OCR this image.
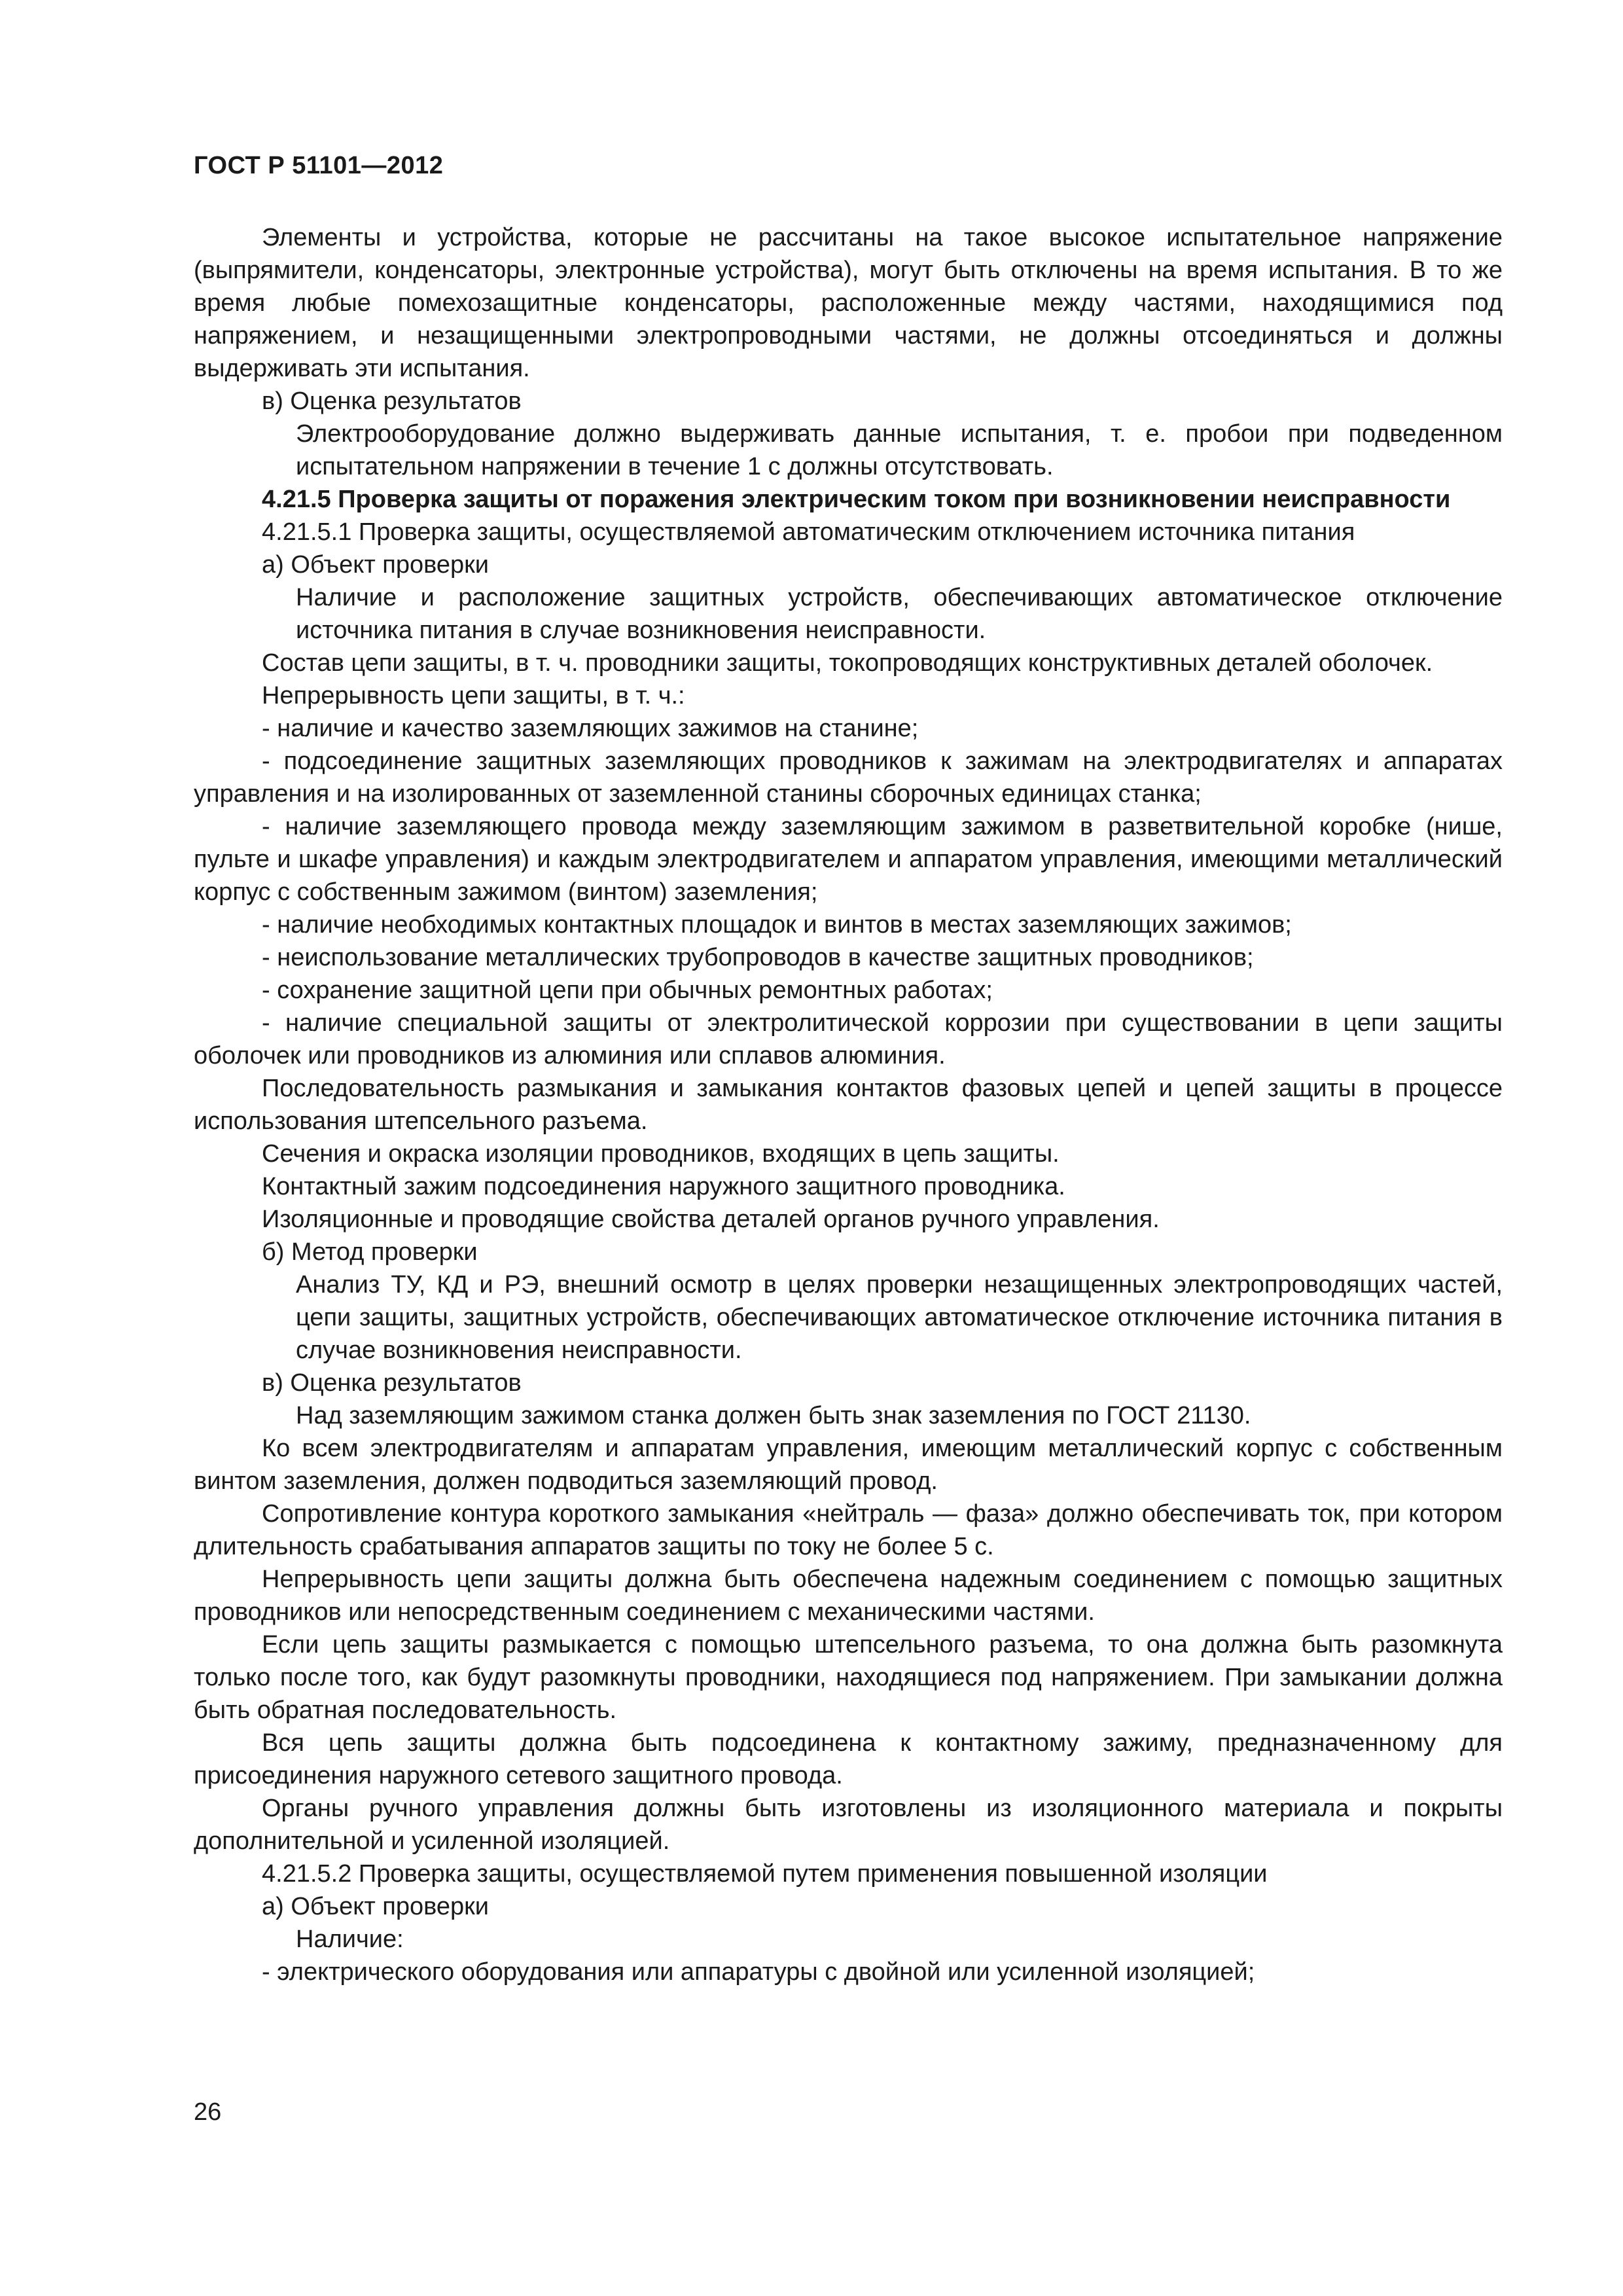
ГОСТ Р 51101—2012

Элементы и устройства, которые не рассчитаны на такое высокое испытательное напряжение (выпрямители, конденсаторы, электронные устройства), могут быть отключены на время испытания. В то же время любые помехозащитные конденсаторы, расположенные между частями, находящимися под напряжением, и незащищенными электропроводными частями, не должны отсоединяться и должны выдерживать эти испытания.

в) Оценка результатов

Электрооборудование должно выдерживать данные испытания, т. е. пробои при подведенном испытательном напряжении в течение 1 с должны отсутствовать.

4.21.5 Проверка защиты от поражения электрическим током при возникновении неисправности

4.21.5.1 Проверка защиты, осуществляемой автоматическим отключением источника питания

а) Объект проверки

Наличие и расположение защитных устройств, обеспечивающих автоматическое отключение источника питания в случае возникновения неисправности.

Состав цепи защиты, в т. ч. проводники защиты, токопроводящих конструктивных деталей оболочек.

Непрерывность цепи защиты, в т. ч.:

- наличие и качество заземляющих зажимов на станине;

- подсоединение защитных заземляющих проводников к зажимам на электродвигателях и аппаратах управления и на изолированных от заземленной станины сборочных единицах станка;

- наличие заземляющего провода между заземляющим зажимом в разветвительной коробке (нише, пульте и шкафе управления) и каждым электродвигателем и аппаратом управления, имеющими металлический корпус с собственным зажимом (винтом) заземления;

- наличие необходимых контактных площадок и винтов в местах заземляющих зажимов;

- неиспользование металлических трубопроводов в качестве защитных проводников;

- сохранение защитной цепи при обычных ремонтных работах;

- наличие специальной защиты от электролитической коррозии при существовании в цепи защиты оболочек или проводников из алюминия или сплавов алюминия.

Последовательность размыкания и замыкания контактов фазовых цепей и цепей защиты в процессе использования штепсельного разъема.

Сечения и окраска изоляции проводников, входящих в цепь защиты.

Контактный зажим подсоединения наружного защитного проводника.

Изоляционные и проводящие свойства деталей органов ручного управления.

б) Метод проверки

Анализ ТУ, КД и РЭ, внешний осмотр в целях проверки незащищенных электропроводящих частей, цепи защиты, защитных устройств, обеспечивающих автоматическое отключение источника питания в случае возникновения неисправности.

в) Оценка результатов

Над заземляющим зажимом станка должен быть знак заземления по ГОСТ 21130.

Ко всем электродвигателям и аппаратам управления, имеющим металлический корпус с собственным винтом заземления, должен подводиться заземляющий провод.

Сопротивление контура короткого замыкания «нейтраль — фаза» должно обеспечивать ток, при котором длительность срабатывания аппаратов защиты по току не более 5 с.

Непрерывность цепи защиты должна быть обеспечена надежным соединением с помощью защитных проводников или непосредственным соединением с механическими частями.

Если цепь защиты размыкается с помощью штепсельного разъема, то она должна быть разомкнута только после того, как будут разомкнуты проводники, находящиеся под напряжением. При замыкании должна быть обратная последовательность.

Вся цепь защиты должна быть подсоединена к контактному зажиму, предназначенному для присоединения наружного сетевого защитного провода.

Органы ручного управления должны быть изготовлены из изоляционного материала и покрыты дополнительной и усиленной изоляцией.

4.21.5.2 Проверка защиты, осуществляемой путем применения повышенной изоляции

а) Объект проверки

Наличие:

- электрического оборудования или аппаратуры с двойной или усиленной изоляцией;

26
